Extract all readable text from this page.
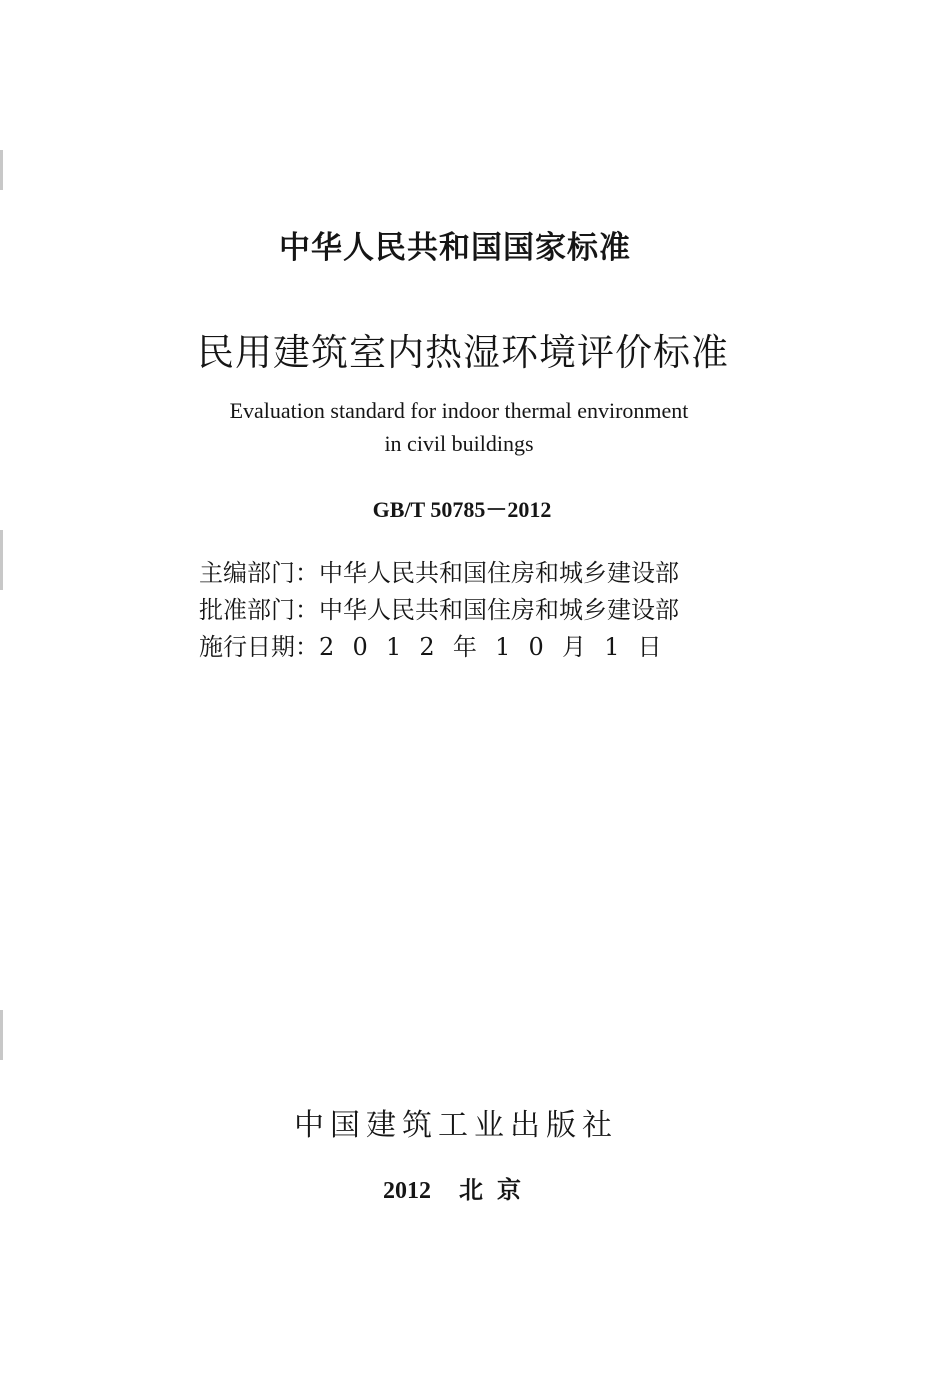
中华人民共和国国家标准
民用建筑室内热湿环境评价标准
Evaluation standard for indoor thermal environment
in civil buildings
GB/T 50785－2012
主编部门：中华人民共和国住房和城乡建设部
批准部门：中华人民共和国住房和城乡建设部
施行日期：2012年10月1日
中国建筑工业出版社
2012 北京
